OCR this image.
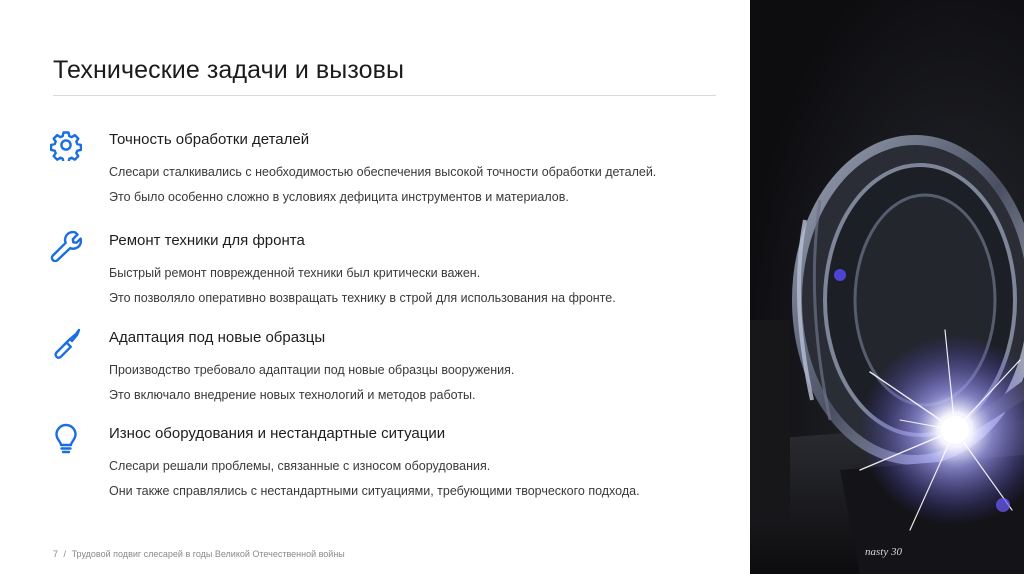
Технические задачи и вызовы
Точность обработки деталей
Слесари сталкивались с необходимостью обеспечения высокой точности обработки деталей.
Это было особенно сложно в условиях дефицита инструментов и материалов.
Ремонт техники для фронта
Быстрый ремонт поврежденной техники был критически важен.
Это позволяло оперативно возвращать технику в строй для использования на фронте.
Адаптация под новые образцы
Производство требовало адаптации под новые образцы вооружения.
Это включало внедрение новых технологий и методов работы.
Износ оборудования и нестандартные ситуации
Слесари решали проблемы, связанные с износом оборудования.
Они также справлялись с нестандартными ситуациями, требующими творческого подхода.
7 / Трудовой подвиг слесарей в годы Великой Отечественной войны	nasty 30
